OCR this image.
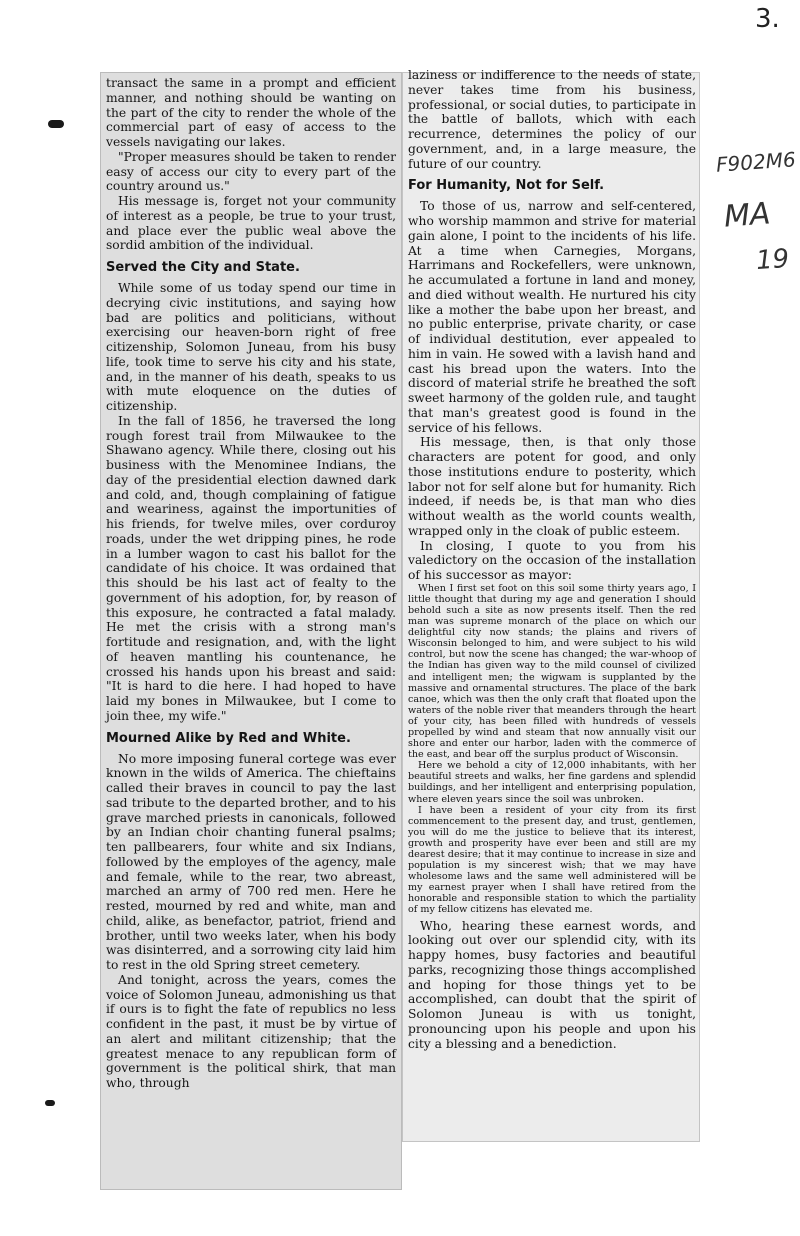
3.
F902M6
MA
19

transact the same in a prompt and efficient manner, and nothing should be wanting on the part of the city to render the whole of the commercial part of easy of access to the vessels navigating our lakes.

"Proper measures should be taken to render easy of access our city to every part of the country around us."

His message is, forget not your community of interest as a people, be true to your trust, and place ever the public weal above the sordid ambition of the individual.

Served the City and State.

While some of us today spend our time in decrying civic institutions, and saying how bad are politics and politicians, without exercising our heaven-born right of free citizenship, Solomon Juneau, from his busy life, took time to serve his city and his state, and, in the manner of his death, speaks to us with mute eloquence on the duties of citizenship.

In the fall of 1856, he traversed the long rough forest trail from Milwaukee to the Shawano agency. While there, closing out his business with the Menominee Indians, the day of the presidential election dawned dark and cold, and, though complaining of fatigue and weariness, against the importunities of his friends, for twelve miles, over corduroy roads, under the wet dripping pines, he rode in a lumber wagon to cast his ballot for the candidate of his choice. It was ordained that this should be his last act of fealty to the government of his adoption, for, by reason of this exposure, he contracted a fatal malady. He met the crisis with a strong man's fortitude and resignation, and, with the light of heaven mantling his countenance, he crossed his hands upon his breast and said: "It is hard to die here. I had hoped to have laid my bones in Milwaukee, but I come to join thee, my wife."

Mourned Alike by Red and White.

No more imposing funeral cortege was ever known in the wilds of America. The chieftains called their braves in council to pay the last sad tribute to the departed brother, and to his grave marched priests in canonicals, followed by an Indian choir chanting funeral psalms; ten pallbearers, four white and six Indians, followed by the employes of the agency, male and female, while to the rear, two abreast, marched an army of 700 red men. Here he rested, mourned by red and white, man and child, alike, as benefactor, patriot, friend and brother, until two weeks later, when his body was disinterred, and a sorrowing city laid him to rest in the old Spring street cemetery.

And tonight, across the years, comes the voice of Solomon Juneau, admonishing us that if ours is to fight the fate of republics no less confident in the past, it must be by virtue of an alert and militant citizenship; that the greatest menace to any republican form of government is the political shirk, that man who, through

laziness or indifference to the needs of state, never takes time from his business, professional, or social duties, to participate in the battle of ballots, which with each recurrence, determines the policy of our government, and, in a large measure, the future of our country.

For Humanity, Not for Self.

To those of us, narrow and self-centered, who worship mammon and strive for material gain alone, I point to the incidents of his life. At a time when Carnegies, Morgans, Harrimans and Rockefellers, were unknown, he accumulated a fortune in land and money, and died without wealth. He nurtured his city like a mother the babe upon her breast, and no public enterprise, private charity, or case of individual destitution, ever appealed to him in vain. He sowed with a lavish hand and cast his bread upon the waters. Into the discord of material strife he breathed the soft sweet harmony of the golden rule, and taught that man's greatest good is found in the service of his fellows.

His message, then, is that only those characters are potent for good, and only those institutions endure to posterity, which labor not for self alone but for humanity. Rich indeed, if needs be, is that man who dies without wealth as the world counts wealth, wrapped only in the cloak of public esteem.

In closing, I quote to you from his valedictory on the occasion of the installation of his successor as mayor:

When I first set foot on this soil some thirty years ago, I little thought that during my age and generation I should behold such a site as now presents itself. Then the red man was supreme monarch of the place on which our delightful city now stands; the plains and rivers of Wisconsin belonged to him, and were subject to his wild control, but now the scene has changed; the war-whoop of the Indian has given way to the mild counsel of civilized and intelligent men; the wigwam is supplanted by the massive and ornamental structures. The place of the bark canoe, which was then the only craft that floated upon the waters of the noble river that meanders through the heart of your city, has been filled with hundreds of vessels propelled by wind and steam that now annually visit our shore and enter our harbor, laden with the commerce of the east, and bear off the surplus product of Wisconsin.

Here we behold a city of 12,000 inhabitants, with her beautiful streets and walks, her fine gardens and splendid buildings, and her intelligent and enterprising population, where eleven years since the soil was unbroken.

I have been a resident of your city from its first commencement to the present day, and trust, gentlemen, you will do me the justice to believe that its interest, growth and prosperity have ever been and still are my dearest desire; that it may continue to increase in size and population is my sincerest wish; that we may have wholesome laws and the same well administered will be my earnest prayer when I shall have retired from the honorable and responsible station to which the partiality of my fellow citizens has elevated me.

Who, hearing these earnest words, and looking out over our splendid city, with its happy homes, busy factories and beautiful parks, recognizing those things accomplished and hoping for those things yet to be accomplished, can doubt that the spirit of Solomon Juneau is with us tonight, pronouncing upon his people and upon his city a blessing and a benediction.
